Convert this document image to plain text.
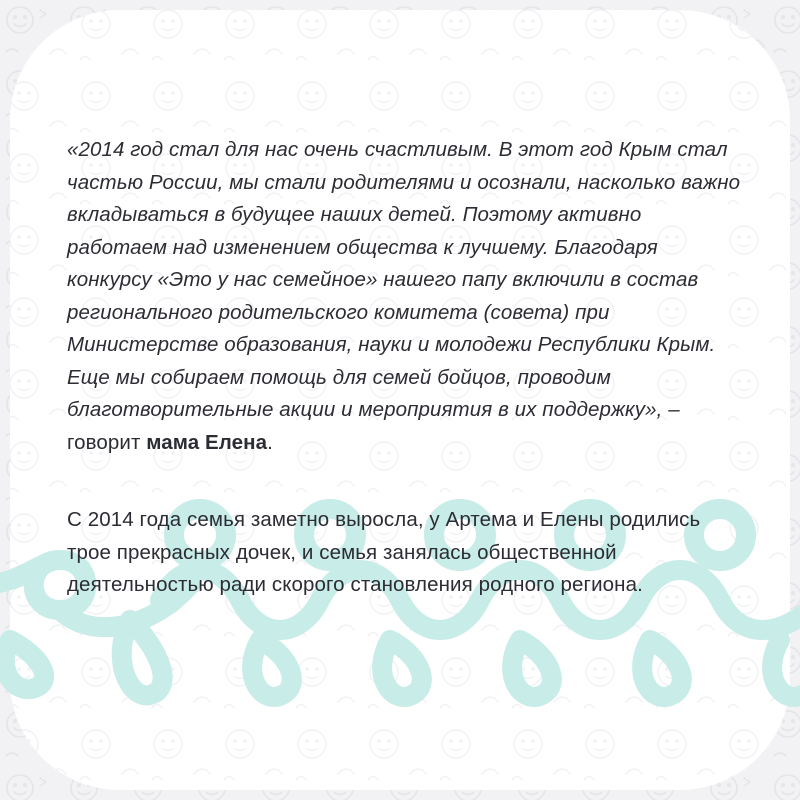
«2014 год стал для нас очень счастливым. В этот год Крым стал частью России, мы стали родителями и осознали, насколько важно вкладываться в будущее наших детей. Поэтому активно работаем над изменением общества к лучшему. Благодаря конкурсу «Это у нас семейное» нашего папу включили в состав регионального родительского комитета (совета) при Министерстве образования, науки и молодежи Республики Крым. Еще мы собираем помощь для семей бойцов, проводим благотворительные акции и мероприятия в их поддержку», –
говорит мама Елена.

С 2014 года семья заметно выросла, у Артема и Елены родились трое прекрасных дочек, и семья занялась общественной деятельностью ради скорого становления родного региона.
